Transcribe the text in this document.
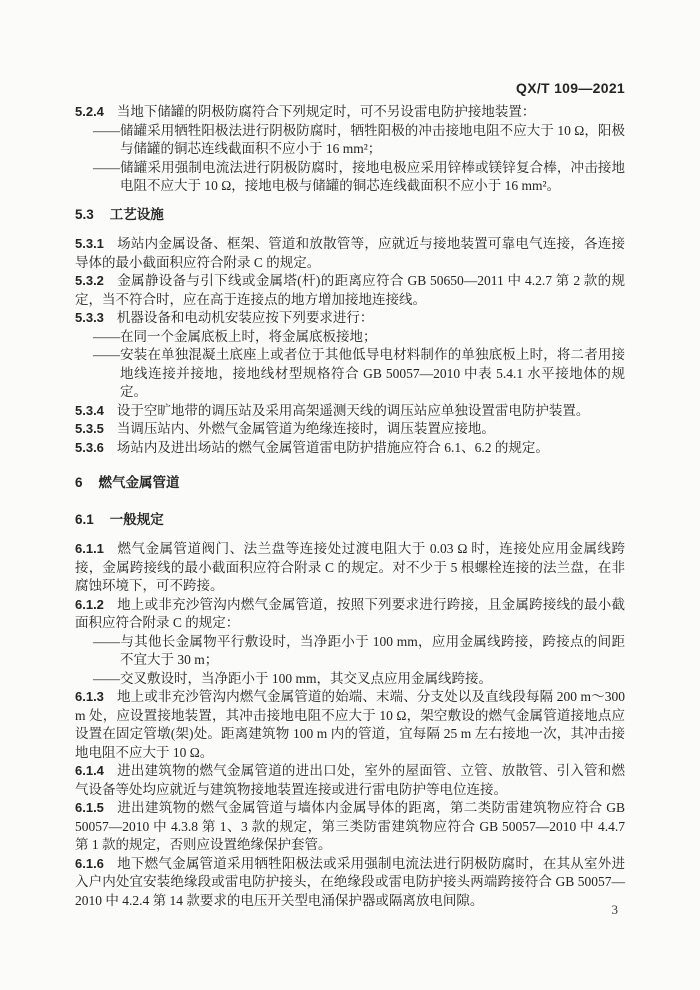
QX/T 109—2021

5.2.4 当地下储罐的阴极防腐符合下列规定时，可不另设雷电防护接地装置：

——储罐采用牺牲阳极法进行阴极防腐时，牺牲阳极的冲击接地电阻不应大于 10 Ω，阳极与储罐的铜芯连线截面积不应小于 16 mm²；

——储罐采用强制电流法进行阴极防腐时，接地电极应采用锌棒或镁锌复合棒，冲击接地电阻不应大于 10 Ω，接地电极与储罐的铜芯连线截面积不应小于 16 mm²。

5.3 工艺设施

5.3.1 场站内金属设备、框架、管道和放散管等，应就近与接地装置可靠电气连接，各连接导体的最小截面积应符合附录 C 的规定。

5.3.2 金属静设备与引下线或金属塔(杆)的距离应符合 GB 50650—2011 中 4.2.7 第 2 款的规定，当不符合时，应在高于连接点的地方增加接地连接线。

5.3.3 机器设备和电动机安装应按下列要求进行：

——在同一个金属底板上时，将金属底板接地；

——安装在单独混凝土底座上或者位于其他低导电材料制作的单独底板上时，将二者用接地线连接并接地，接地线材型规格符合 GB 50057—2010 中表 5.4.1 水平接地体的规定。

5.3.4 设于空旷地带的调压站及采用高架遥测天线的调压站应单独设置雷电防护装置。

5.3.5 当调压站内、外燃气金属管道为绝缘连接时，调压装置应接地。

5.3.6 场站内及进出场站的燃气金属管道雷电防护措施应符合 6.1、6.2 的规定。

6 燃气金属管道

6.1 一般规定

6.1.1 燃气金属管道阀门、法兰盘等连接处过渡电阻大于 0.03 Ω 时，连接处应用金属线跨接，金属跨接线的最小截面积应符合附录 C 的规定。对不少于 5 根螺栓连接的法兰盘，在非腐蚀环境下，可不跨接。

6.1.2 地上或非充沙管沟内燃气金属管道，按照下列要求进行跨接，且金属跨接线的最小截面积应符合附录 C 的规定：

——与其他长金属物平行敷设时，当净距小于 100 mm，应用金属线跨接，跨接点的间距不宜大于 30 m；

——交叉敷设时，当净距小于 100 mm，其交叉点应用金属线跨接。

6.1.3 地上或非充沙管沟内燃气金属管道的始端、末端、分支处以及直线段每隔 200 m～300 m 处，应设置接地装置，其冲击接地电阻不应大于 10 Ω，架空敷设的燃气金属管道接地点应设置在固定管墩(架)处。距离建筑物 100 m 内的管道，宜每隔 25 m 左右接地一次，其冲击接地电阻不应大于 10 Ω。

6.1.4 进出建筑物的燃气金属管道的进出口处，室外的屋面管、立管、放散管、引入管和燃气设备等处均应就近与建筑物接地装置连接或进行雷电防护等电位连接。

6.1.5 进出建筑物的燃气金属管道与墙体内金属导体的距离，第二类防雷建筑物应符合 GB 50057—2010 中 4.3.8 第 1、3 款的规定，第三类防雷建筑物应符合 GB 50057—2010 中 4.4.7 第 1 款的规定，否则应设置绝缘保护套管。

6.1.6 地下燃气金属管道采用牺牲阳极法或采用强制电流法进行阴极防腐时，在其从室外进入户内处宜安装绝缘段或雷电防护接头，在绝缘段或雷电防护接头两端跨接符合 GB 50057—2010 中 4.2.4 第 14 款要求的电压开关型电涌保护器或隔离放电间隙。

3
